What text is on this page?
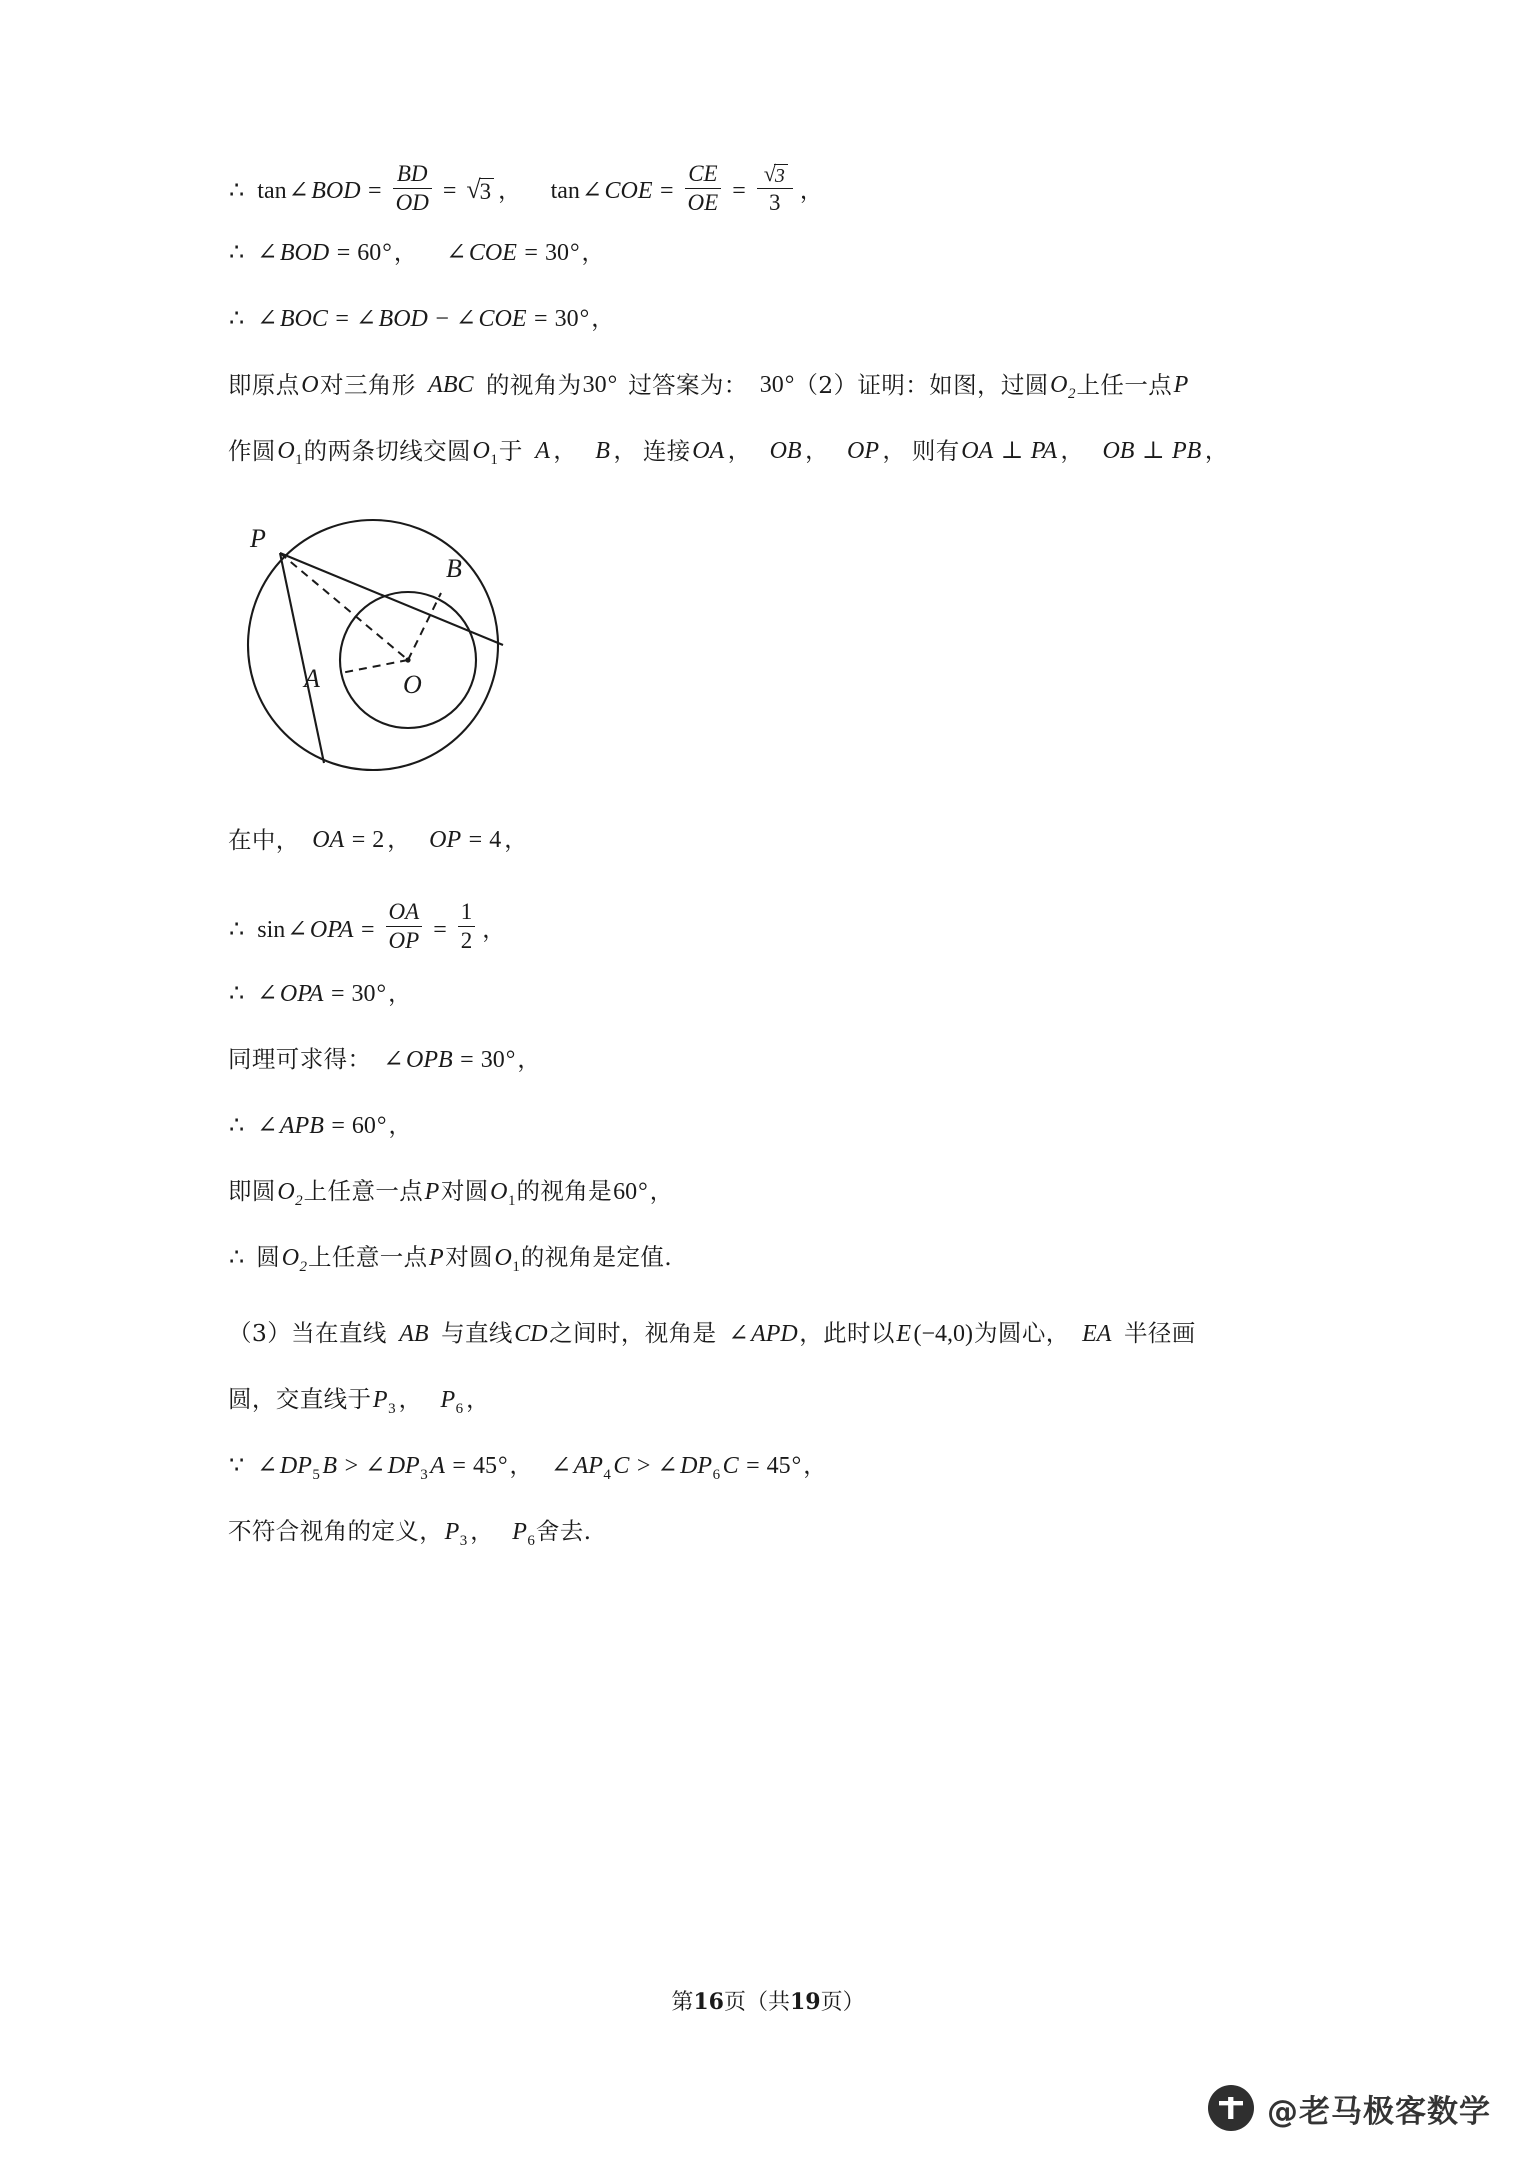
∴ tan ∠ BOD = $\frac{BD}{OD}$ = √ 3 ， tan ∠ COE = $\frac{CE}{OE} = \frac{√ 3}{3}$ ，
∴ ∠ BOD = 60 ° ， ∠ COE = 30 ° ，
∴ ∠ BOC = ∠ BOD − ∠ COE = 30 ° ，
即原点 O 对三角形 ABC 的视角为 30 ° 过答案为： 30 ° （2）证明：如图，过圆 O 2 上任一点 P
作圆 O 1 的两条切线交圆 O 1 于 A ， B ， 连接 OA ， OB ， OP ， 则有 OA ⊥ PA ， OB ⊥ PB ，
P
B
A	O
在中， OA = 2 ， OP = 4 ，
∴ sin ∠ OPA = $\frac{OA}{OP} = \frac{1}{2}$ ，
∴ ∠ OPA = 30 ° ，
同理可求得： ∠ OPB = 30 ° ，
∴ ∠ APB = 60 ° ，
即圆 O 2 上任意一点 P 对圆 O 1 的视角是 60 ° ，
∴ 圆 O 2 上任意一点 P 对圆 O 1 的视角是定值.
（3）当在直线 AB 与直线 CD 之间时，视角是 ∠ APD ，此时以 E (−4,0) 为圆心， EA 半径画
圆，交直线于 P 3 ， P 6 ，
∵ ∠ DP 5 B > ∠ DP 3 A = 45 ° ， ∠ AP 4 C > ∠ DP 6 C = 45 ° ，
不符合视角的定义， P 3 ， P 6 舍去.
第16页（共19页）
@老马极客数学
